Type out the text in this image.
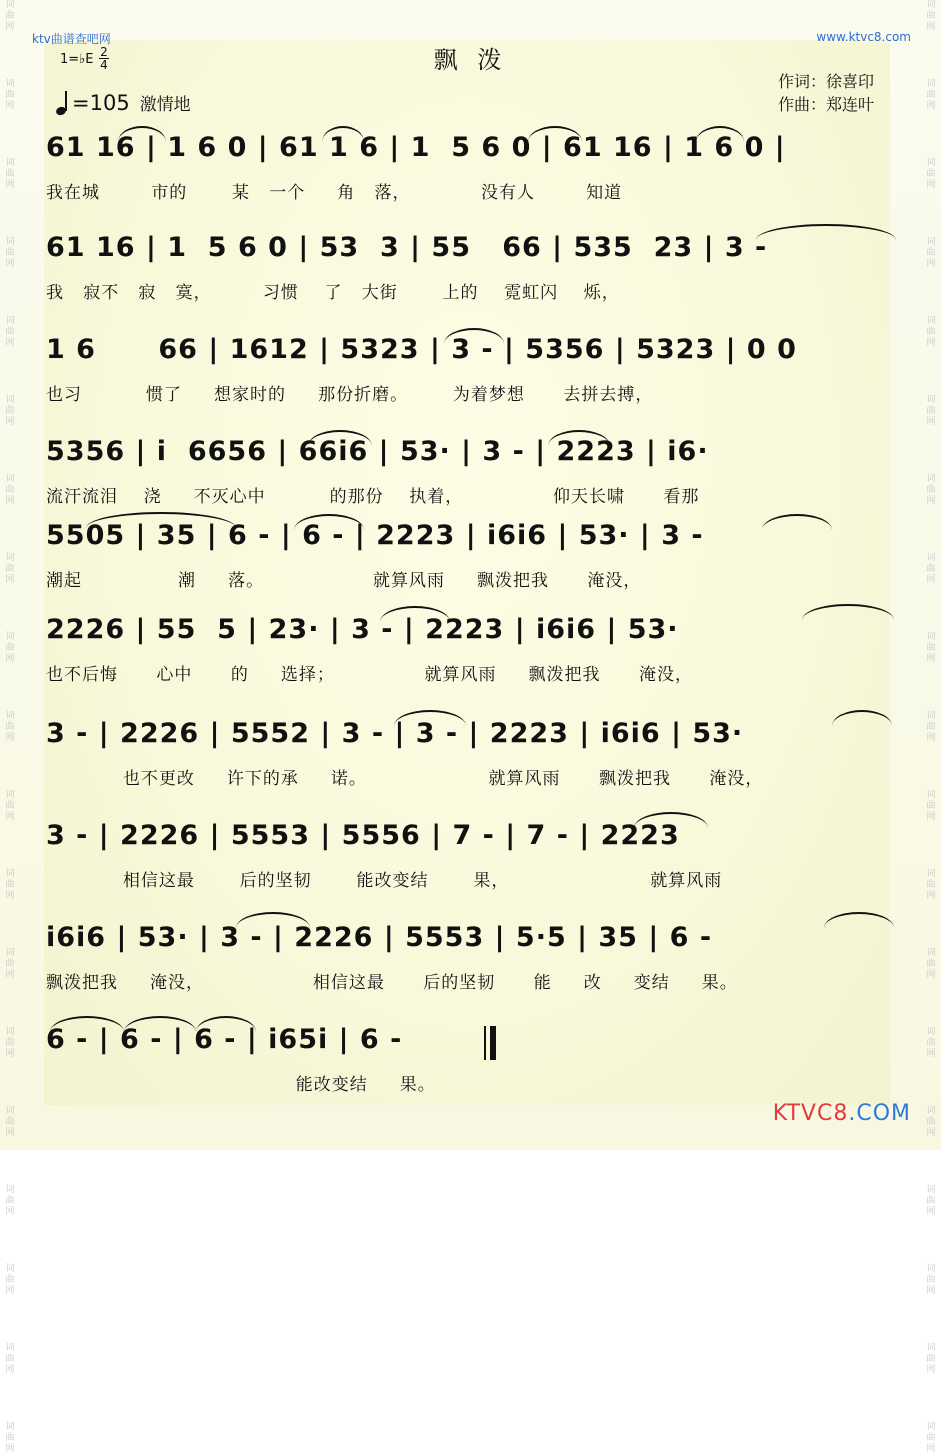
词
曲
网
词
曲
网
词
曲
网
词
曲
网
词
曲
网
词
曲
网
词
曲
网
词
曲
网
词
曲
网
词
曲
网
词
曲
网
词
曲
网
词
曲
网
词
曲
网
词
曲
网
词
曲
网
词
曲
网
词
曲
网
词
曲
网
词
曲
网
词
曲
网
词
曲
网
词
曲
网
词
曲
网
词
曲
网
词
曲
网
词
曲
网
词
曲
网
词
曲
网
词
曲
网
词
曲
网
词
曲
网
词
曲
网
词
曲
网
词
曲
网
词
曲
网
词
曲
网
词
曲
网
ktv曲谱查吧网	www.ktvc8.com
飘 泼
1=♭E 2
4
=105 激情地
作词：徐喜印
作曲：郑连叶
61 16 | 1 6 0 | 61 1 6 | 1  5 6 0 | 61 16 | 1 6 0 |
我在城        市的       某   一个     角   落，           没有人        知道
61 16 | 1  5 6 0 | 53  3 | 55   66 | 535  23 | 3 -
我   寂不   寂   寞，        习惯    了   大街       上的    霓虹闪    烁，
1 6      66 | 1612 | 5323 | 3 - | 5356 | 5323 | 0 0
也习          惯了     想家时的     那份折磨。       为着梦想      去拼去搏，
5356 | i  6656 | 66i6 | 53· | 3 - | 2223 | i6·
流汗流泪    浇     不灭心中          的那份    执着，              仰天长啸      看那
5505 | 35 | 6 - | 6 - | 2223 | i6i6 | 53· | 3 -
潮起               潮     落。                 就算风雨     飘泼把我      淹没，
2226 | 55  5 | 23· | 3 - | 2223 | i6i6 | 53·
也不后悔      心中      的     选择；              就算风雨     飘泼把我      淹没，
3 - | 2226 | 5552 | 3 - | 3 - | 2223 | i6i6 | 53·
也不更改     许下的承     诺。                   就算风雨      飘泼把我      淹没，
3 - | 2226 | 5553 | 5556 | 7 - | 7 - | 2223
相信这最       后的坚韧       能改变结       果，                      就算风雨
i6i6 | 53· | 3 - | 2226 | 5553 | 5·5 | 35 | 6 -
飘泼把我     淹没，                 相信这最      后的坚韧      能     改     变结     果。
6 - | 6 - | 6 - | i65i | 6 -
能改变结     果。
KTVC8.COM
